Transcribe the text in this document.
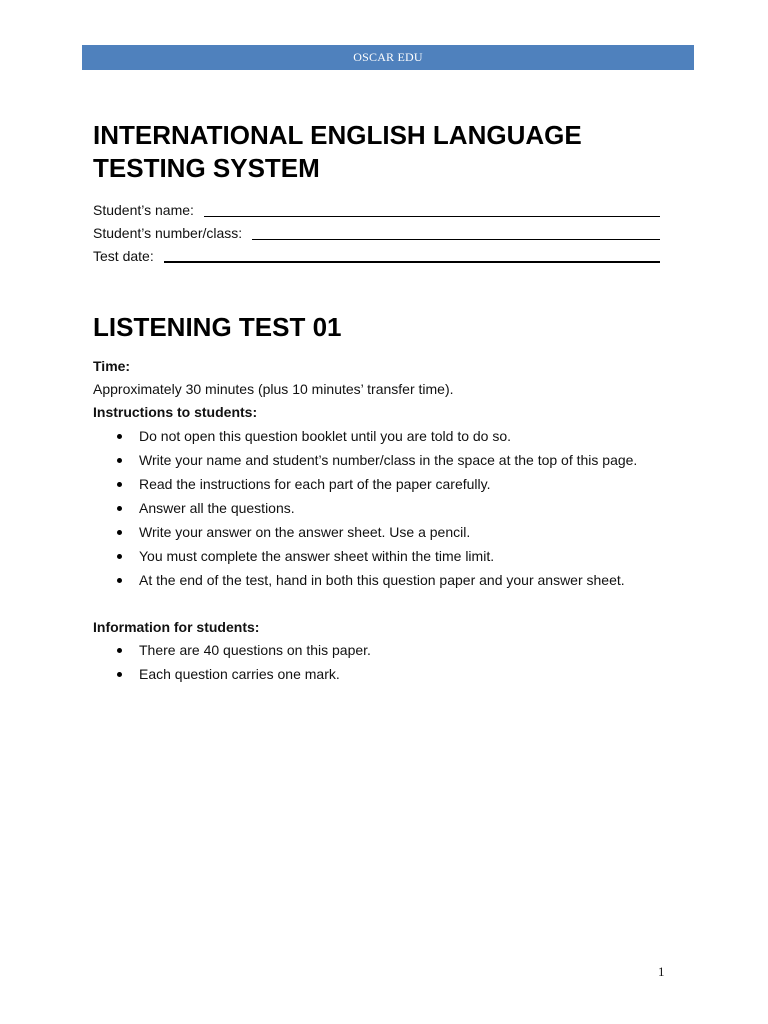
OSCAR EDU
INTERNATIONAL ENGLISH LANGUAGE
TESTING SYSTEM
Student’s name:
Student’s number/class:
Test date:
LISTENING TEST 01
Time:
Approximately 30 minutes (plus 10 minutes’ transfer time).
Instructions to students:
Do not open this question booklet until you are told to do so.
Write your name and student’s number/class in the space at the top of this page.
Read the instructions for each part of the paper carefully.
Answer all the questions.
Write your answer on the answer sheet. Use a pencil.
You must complete the answer sheet within the time limit.
At the end of the test, hand in both this question paper and your answer sheet.
Information for students:
There are 40 questions on this paper.
Each question carries one mark.
1
